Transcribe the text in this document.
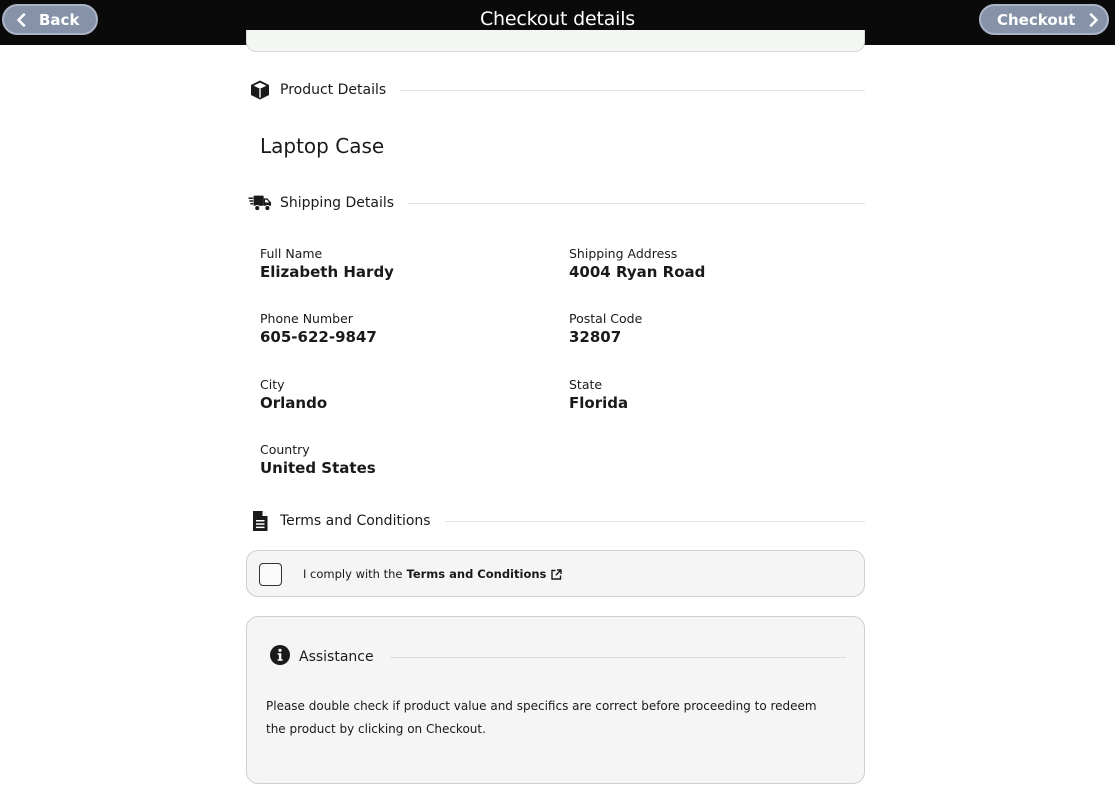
Back	Checkout details	Checkout
Product Details
Laptop Case
Shipping Details
Full Name
Elizabeth Hardy
Shipping Address
4004 Ryan Road
Phone Number
605-622-9847
Postal Code
32807
City
Orlando
State
Florida
Country
United States
Terms and Conditions
I comply with the Terms and Conditions
Assistance
Please double check if product value and specifics are correct before proceeding to redeem the product by clicking on Checkout.
